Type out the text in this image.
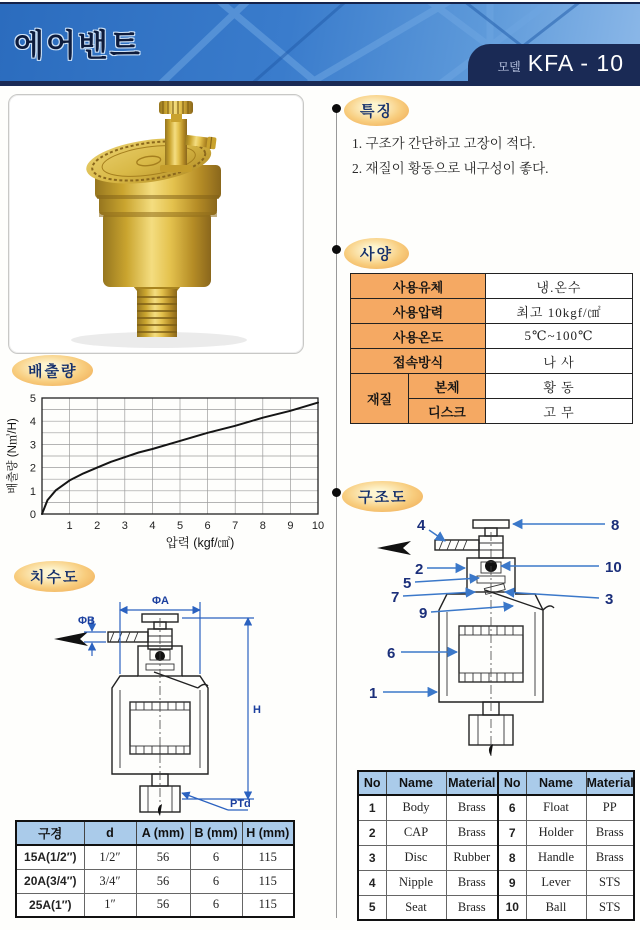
에어밴트
모델 KFA - 10
특징
1. 구조가 간단하고 고장이 적다.
2. 재질이 황동으로 내구성이 좋다.
사양
사용유체		냉.온수
사용압력		최고 10kgf/㎠
사용온도		5℃~100℃
접속방식		나 사
재질	본체	황 동
	디스크	고 무
배출량
1 2 3 4 5 6 7 8 9 10
0
1
2
3
4
5
압력 (kgf/㎠)
배출량 (N㎥/H)
치수도
ΦA
ΦB
H
PTd
구조도
8
4
10
2
5
7	3
9
6
1
구경	d	A (mm)	B (mm)	H (mm)
15A(1/2″)	1/2″	56	6	115
20A(3/4″)	3/4″	56	6	115
25A(1″)	1″	56	6	115
No	Name	Material	No	Name	Material
1	Body	Brass	6	Float	PP
2	CAP	Brass	7	Holder	Brass
3	Disc	Rubber	8	Handle	Brass
4	Nipple	Brass	9	Lever	STS
5	Seat	Brass	10	Ball	STS
